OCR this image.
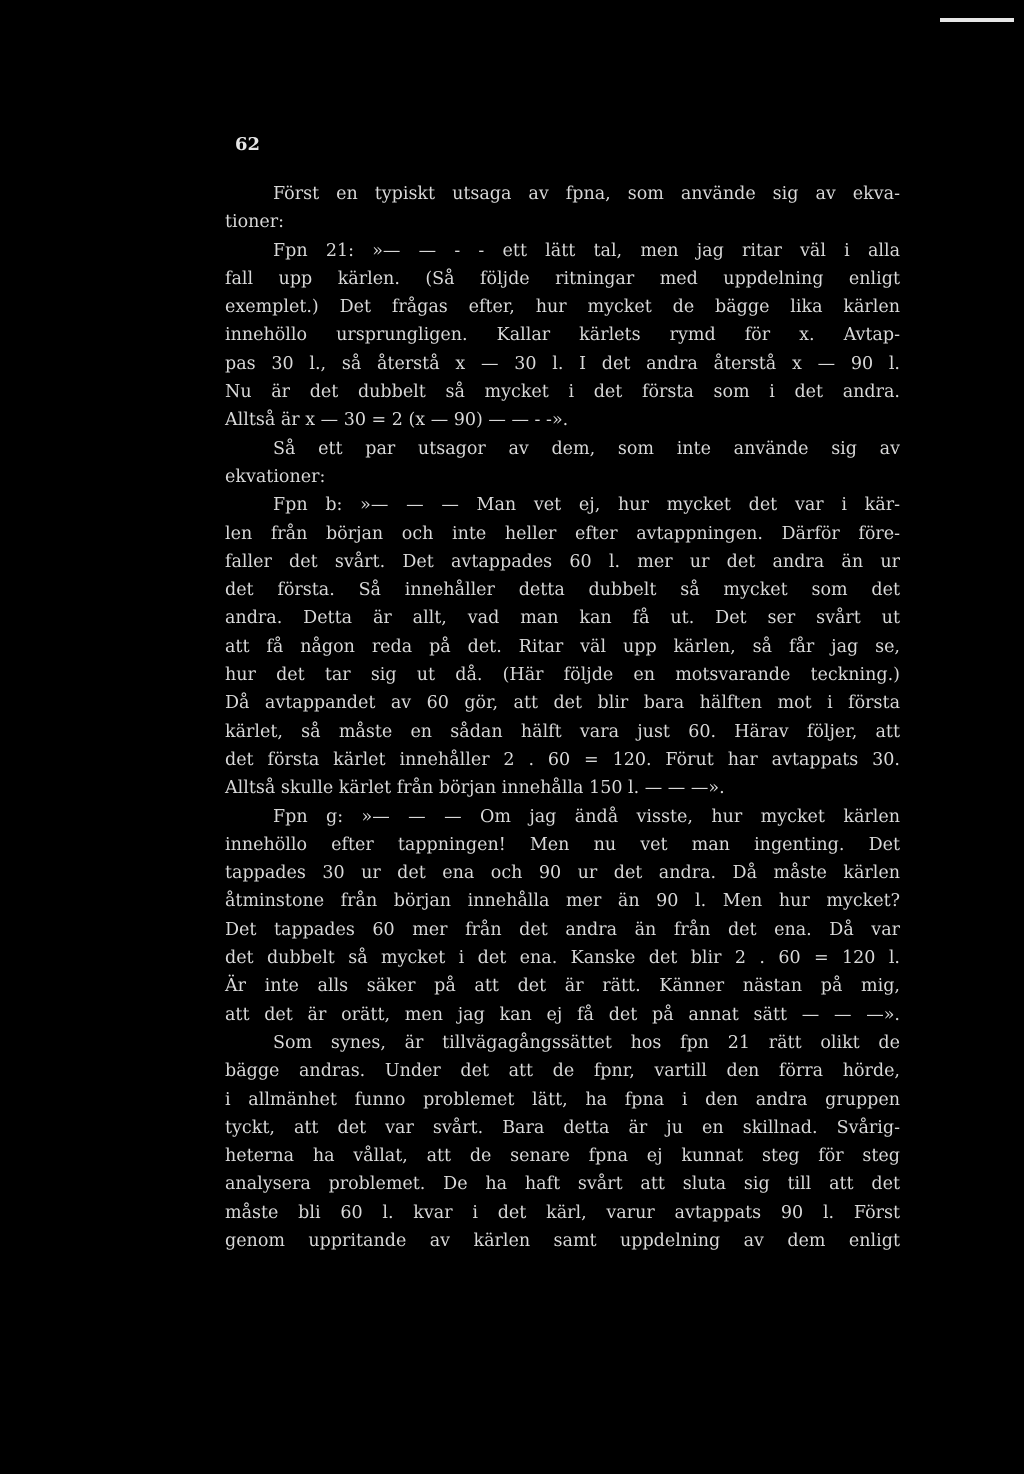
62
Först en typiskt utsaga av fpna, som använde sig av ekva-
tioner:
Fpn 21: »— — - - ett lätt tal, men jag ritar väl i alla
fall upp kärlen. (Så följde ritningar med uppdelning enligt
exemplet.) Det frågas efter, hur mycket de bägge lika kärlen
innehöllo ursprungligen. Kallar kärlets rymd för x. Avtap-
pas 30 l., så återstå x — 30 l. I det andra återstå x — 90 l.
Nu är det dubbelt så mycket i det första som i det andra.
Alltså är x — 30 = 2 (x — 90) — — - -».
Så ett par utsagor av dem, som inte använde sig av
ekvationer:
Fpn b: »— — — Man vet ej, hur mycket det var i kär-
len från början och inte heller efter avtappningen. Därför före-
faller det svårt. Det avtappades 60 l. mer ur det andra än ur
det första. Så innehåller detta dubbelt så mycket som det
andra. Detta är allt, vad man kan få ut. Det ser svårt ut
att få någon reda på det. Ritar väl upp kärlen, så får jag se,
hur det tar sig ut då. (Här följde en motsvarande teckning.)
Då avtappandet av 60 gör, att det blir bara hälften mot i första
kärlet, så måste en sådan hälft vara just 60. Härav följer, att
det första kärlet innehåller 2 . 60 = 120. Förut har avtappats 30.
Alltså skulle kärlet från början innehålla 150 l. — — —».
Fpn g: »— — — Om jag ändå visste, hur mycket kärlen
innehöllo efter tappningen! Men nu vet man ingenting. Det
tappades 30 ur det ena och 90 ur det andra. Då måste kärlen
åtminstone från början innehålla mer än 90 l. Men hur mycket?
Det tappades 60 mer från det andra än från det ena. Då var
det dubbelt så mycket i det ena. Kanske det blir 2 . 60 = 120 l.
Är inte alls säker på att det är rätt. Känner nästan på mig,
att det är orätt, men jag kan ej få det på annat sätt — — —».
Som synes, är tillvägagångssättet hos fpn 21 rätt olikt de
bägge andras. Under det att de fpnr, vartill den förra hörde,
i allmänhet funno problemet lätt, ha fpna i den andra gruppen
tyckt, att det var svårt. Bara detta är ju en skillnad. Svårig-
heterna ha vållat, att de senare fpna ej kunnat steg för steg
analysera problemet. De ha haft svårt att sluta sig till att det
måste bli 60 l. kvar i det kärl, varur avtappats 90 l. Först
genom uppritande av kärlen samt uppdelning av dem enligt
